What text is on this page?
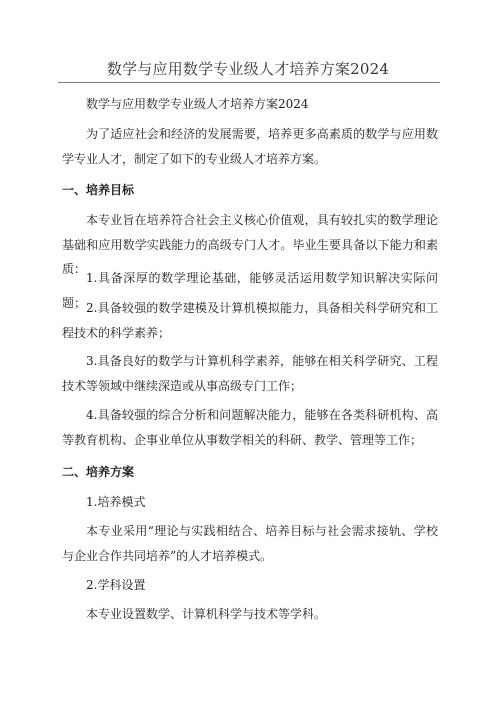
数学与应用数学专业级人才培养方案2024

数学与应用数学专业级人才培养方案2024

为了适应社会和经济的发展需要，培养更多高素质的数学与应用数学专业人才，制定了如下的专业级人才培养方案。

一、培养目标

本专业旨在培养符合社会主义核心价值观，具有较扎实的数学理论基础和应用数学实践能力的高级专门人才。毕业生要具备以下能力和素质：

1.具备深厚的数学理论基础，能够灵活运用数学知识解决实际问题； 2.具备较强的数学建模及计算机模拟能力，具备相关科学研究和工程技术的科学素养；

3.具备良好的数学与计算机科学素养，能够在相关科学研究、工程技术等领域中继续深造或从事高级专门工作；

4.具备较强的综合分析和问题解决能力，能够在各类科研机构、高等教育机构、企事业单位从事数学相关的科研、教学、管理等工作；

二、培养方案

1.培养模式

本专业采用“理论与实践相结合、培养目标与社会需求接轨、学校与企业合作共同培养”的人才培养模式。

2.学科设置

本专业设置数学、计算机科学与技术等学科。
